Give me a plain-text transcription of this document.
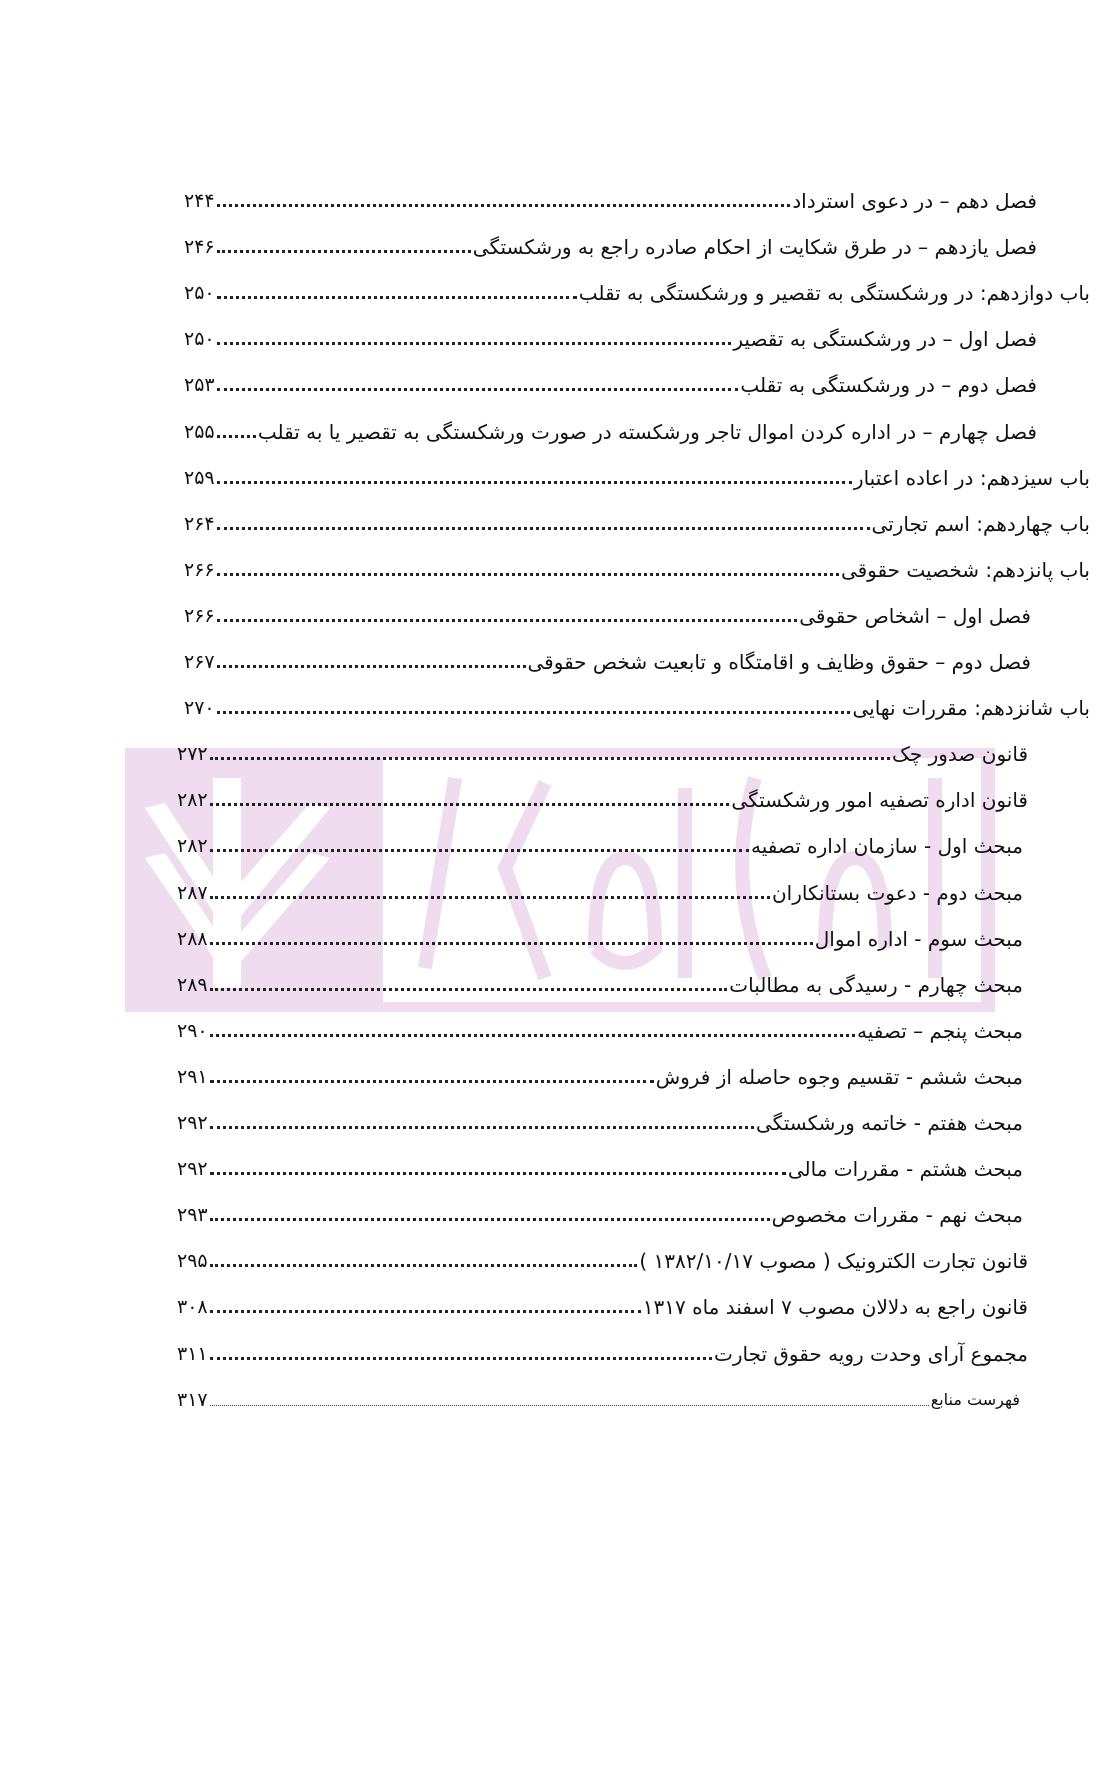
فصل دهم – در دعوی استرداد
۲۴۴
فصل یازدهم – در طرق شکایت از احکام صادره راجع به ورشکستگی
۲۴۶
باب دوازدهم: در ورشکستگی به تقصیر و ورشکستگی به تقلب
۲۵۰
فصل اول – در ورشکستگی به تقصیر
۲۵۰
فصل دوم – در ورشکستگی به تقلب
۲۵۳
فصل چهارم – در اداره کردن اموال تاجر ورشکسته در صورت ورشکستگی به تقصیر یا به تقلب
۲۵۵
باب سیزدهم: در اعاده اعتبار
۲۵۹
باب چهاردهم: اسم تجارتی
۲۶۴
باب پانزدهم: شخصیت حقوقی
۲۶۶
فصل اول – اشخاص حقوقی
۲۶۶
فصل دوم – حقوق وظایف و اقامتگاه و تابعیت شخص حقوقی
۲۶۷
باب شانزدهم: مقررات نهایی
۲۷۰
قانون صدور چک
۲۷۲
قانون اداره تصفیه امور ورشکستگی
۲۸۲
مبحث اول - سازمان اداره تصفیه
۲۸۲
مبحث دوم - دعوت بستانکاران
۲۸۷
مبحث سوم - اداره اموال
۲۸۸
مبحث چهارم - رسیدگی به مطالبات
۲۸۹
مبحث پنجم – تصفیه
۲۹۰
مبحث ششم - تقسیم وجوه حاصله از فروش
۲۹۱
مبحث هفتم - خاتمه ورشکستگی
۲۹۲
مبحث هشتم - مقررات مالی
۲۹۲
مبحث نهم - مقررات مخصوص
۲۹۳
قانون تجارت الکترونیک ( مصوب ۱۳۸۲/۱۰/۱۷ )
۲۹۵
قانون راجع به دلالان مصوب ۷ اسفند ماه ۱۳۱۷
۳۰۸
مجموع آرای وحدت رویه حقوق تجارت
۳۱۱
فهرست منابع
۳۱۷
